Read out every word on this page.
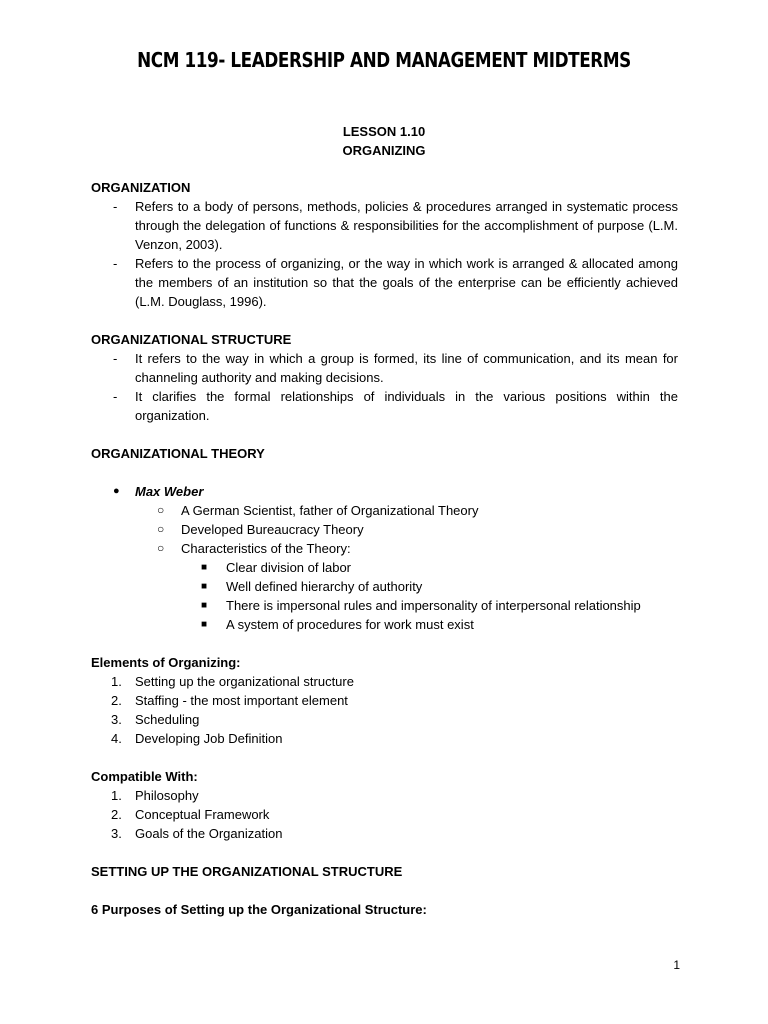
NCM 119- LEADERSHIP AND MANAGEMENT MIDTERMS
LESSON 1.10
ORGANIZING

ORGANIZATION

- Refers to a body of persons, methods, policies & procedures arranged in systematic process through the delegation of functions & responsibilities for the accomplishment of purpose (L.M. Venzon, 2003).
- Refers to the process of organizing, or the way in which work is arranged & allocated among the members of an institution so that the goals of the enterprise can be efficiently achieved (L.M. Douglass, 1996).

ORGANIZATIONAL STRUCTURE

- It refers to the way in which a group is formed, its line of communication, and its mean for channeling authority and making decisions.
- It clarifies the formal relationships of individuals in the various positions within the organization.

ORGANIZATIONAL THEORY

● Max Weber
○ A German Scientist, father of Organizational Theory
○ Developed Bureaucracy Theory
○ Characteristics of the Theory:
■ Clear division of labor
■ Well defined hierarchy of authority
■ There is impersonal rules and impersonality of interpersonal relationship
■ A system of procedures for work must exist

Elements of Organizing:

1. Setting up the organizational structure
2. Staffing - the most important element
3. Scheduling
4. Developing Job Definition

Compatible With:

1. Philosophy
2. Conceptual Framework
3. Goals of the Organization

SETTING UP THE ORGANIZATIONAL STRUCTURE

6 Purposes of Setting up the Organizational Structure:

1
